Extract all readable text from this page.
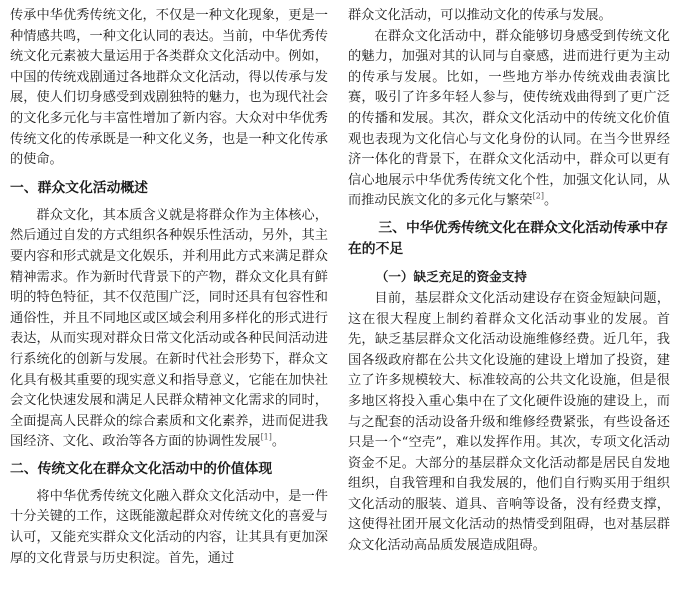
传承中华优秀传统文化，不仅是一种文化现象，更是一种情感共鸣，一种文化认同的表达。当前，中华优秀传统文化元素被大量运用于各类群众文化活动中。例如，中国的传统戏剧通过各地群众文化活动，得以传承与发展，使人们切身感受到戏剧独特的魅力，也为现代社会的文化多元化与丰富性增加了新内容。大众对中华优秀传统文化的传承既是一种文化义务，也是一种文化传承的使命。

一、群众文化活动概述

群众文化，其本质含义就是将群众作为主体核心，然后通过自发的方式组织各种娱乐性活动，另外，其主要内容和形式就是文化娱乐，并利用此方式来满足群众精神需求。作为新时代背景下的产物，群众文化具有鲜明的特色特征，其不仅范围广泛，同时还具有包容性和通俗性，并且不同地区或区域会利用多样化的形式进行表达，从而实现对群众日常文化活动或各种民间活动进行系统化的创新与发展。在新时代社会形势下，群众文化具有极其重要的现实意义和指导意义，它能在加快社会文化快速发展和满足人民群众精神文化需求的同时，全面提高人民群众的综合素质和文化素养，进而促进我国经济、文化、政治等各方面的协调性发展[1]。

二、传统文化在群众文化活动中的价值体现

将中华优秀传统文化融入群众文化活动中，是一件十分关键的工作，这既能激起群众对传统文化的喜爱与认可，又能充实群众文化活动的内容，让其具有更加深厚的文化背景与历史积淀。首先，通过

群众文化活动，可以推动文化的传承与发展。

在群众文化活动中，群众能够切身感受到传统文化的魅力，加强对其的认同与自豪感，进而进行更为主动的传承与发展。比如，一些地方举办传统戏曲表演比赛，吸引了许多年轻人参与，使传统戏曲得到了更广泛的传播和发展。其次，群众文化活动中的传统文化价值观也表现为文化信心与文化身份的认同。在当今世界经济一体化的背景下，在群众文化活动中，群众可以更有信心地展示中华优秀传统文化个性，加强文化认同，从而推动民族文化的多元化与繁荣[2]。

三、中华优秀传统文化在群众文化活动传承中存在的不足
（一）缺乏充足的资金支持

目前，基层群众文化活动建设存在资金短缺问题，这在很大程度上制约着群众文化活动事业的发展。首先，缺乏基层群众文化活动设施维修经费。近几年，我国各级政府都在公共文化设施的建设上增加了投资，建立了许多规模较大、标准较高的公共文化设施，但是很多地区将投入重心集中在了文化硬件设施的建设上，而与之配套的活动设备升级和维修经费紧张，有些设备还只是一个“空壳”，难以发挥作用。其次，专项文化活动资金不足。大部分的基层群众文化活动都是居民自发地组织，自我管理和自我发展的，他们自行购买用于组织文化活动的服装、道具、音响等设备，没有经费支撑，这使得社团开展文化活动的热情受到阻碍，也对基层群众文化活动高品质发展造成阻碍。
